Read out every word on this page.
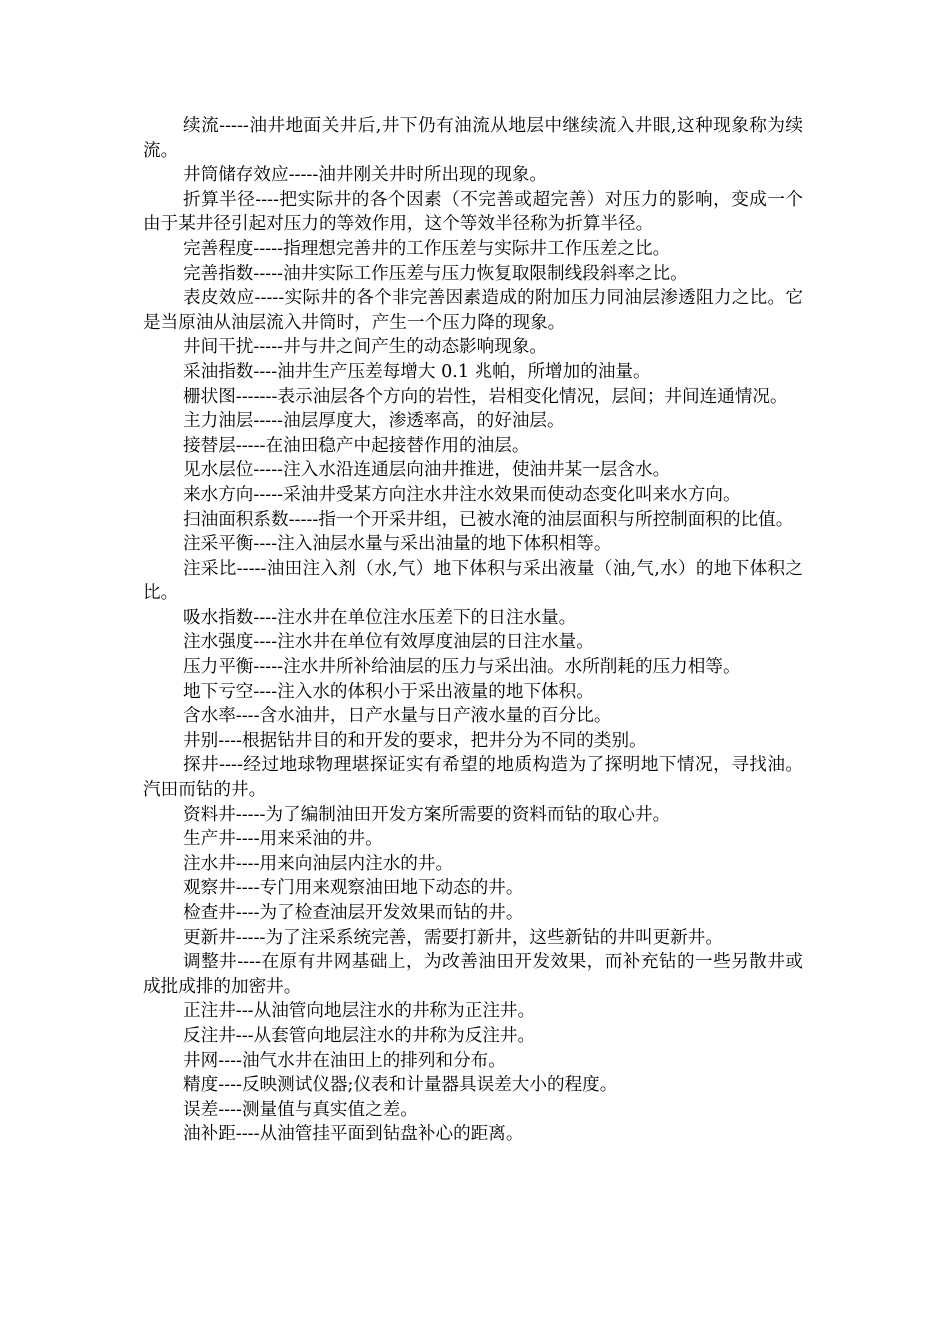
续流-----油井地面关井后,井下仍有油流从地层中继续流入井眼,这种现象称为续流。

井筒储存效应-----油井刚关井时所出现的现象。

折算半径----把实际井的各个因素（不完善或超完善）对压力的影响，变成一个由于某井径引起对压力的等效作用，这个等效半径称为折算半径。

完善程度-----指理想完善井的工作压差与实际井工作压差之比。

完善指数-----油井实际工作压差与压力恢复取限制线段斜率之比。

表皮效应-----实际井的各个非完善因素造成的附加压力同油层渗透阻力之比。它是当原油从油层流入井筒时，产生一个压力降的现象。

井间干扰-----井与井之间产生的动态影响现象。

采油指数----油井生产压差每增大 0.1 兆帕，所增加的油量。

栅状图-------表示油层各个方向的岩性，岩相变化情况，层间；井间连通情况。

主力油层-----油层厚度大，渗透率高，的好油层。

接替层-----在油田稳产中起接替作用的油层。

见水层位-----注入水沿连通层向油井推进，使油井某一层含水。

来水方向-----采油井受某方向注水井注水效果而使动态变化叫来水方向。

扫油面积系数-----指一个开采井组，已被水淹的油层面积与所控制面积的比值。

注采平衡----注入油层水量与采出油量的地下体积相等。

注采比-----油田注入剂（水,气）地下体积与采出液量（油,气,水）的地下体积之比。

吸水指数----注水井在单位注水压差下的日注水量。

注水强度----注水井在单位有效厚度油层的日注水量。

压力平衡-----注水井所补给油层的压力与采出油。水所削耗的压力相等。

地下亏空----注入水的体积小于采出液量的地下体积。

含水率----含水油井，日产水量与日产液水量的百分比。

井别----根据钻井目的和开发的要求，把井分为不同的类别。

探井----经过地球物理堪探证实有希望的地质构造为了探明地下情况，寻找油。汽田而钻的井。

资料井-----为了编制油田开发方案所需要的资料而钻的取心井。

生产井----用来采油的井。

注水井----用来向油层内注水的井。

观察井----专门用来观察油田地下动态的井。

检查井----为了检查油层开发效果而钻的井。

更新井-----为了注采系统完善，需要打新井，这些新钻的井叫更新井。

调整井----在原有井网基础上，为改善油田开发效果，而补充钻的一些另散井或成批成排的加密井。

正注井---从油管向地层注水的井称为正注井。

反注井---从套管向地层注水的井称为反注井。

井网----油气水井在油田上的排列和分布。

精度----反映测试仪器;仪表和计量器具误差大小的程度。

误差----测量值与真实值之差。

油补距----从油管挂平面到钻盘补心的距离。
